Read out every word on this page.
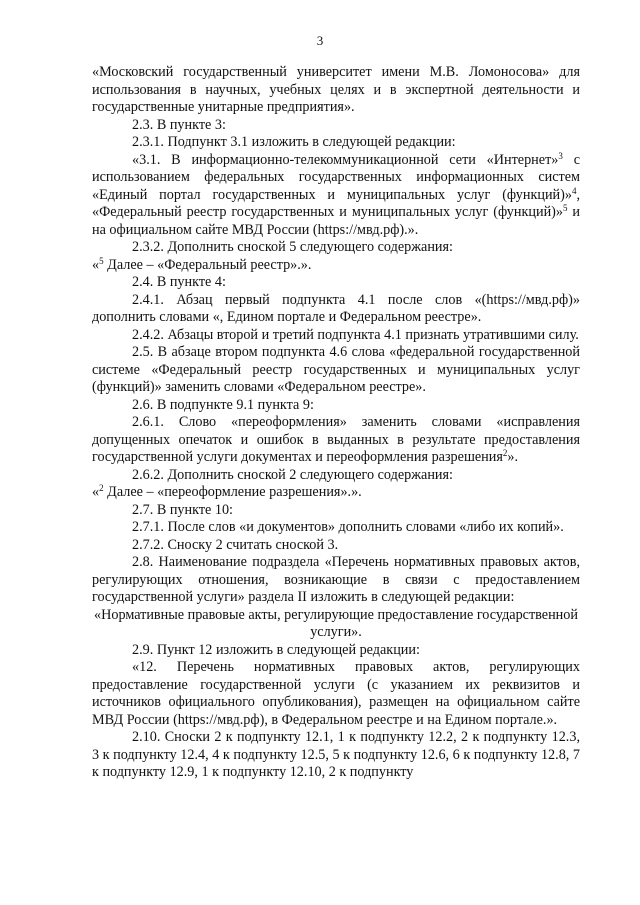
3

«Московский государственный университет имени М.В. Ломоносова» для использования в научных, учебных целях и в экспертной деятельности и государственные унитарные предприятия».

2.3. В пункте 3:

2.3.1. Подпункт 3.1 изложить в следующей редакции:

«3.1. В информационно-телекоммуникационной сети «Интернет»$^3$ с использованием федеральных государственных информационных систем «Единый портал государственных и муниципальных услуг (функций)»$^4$, «Федеральный реестр государственных и муниципальных услуг (функций)»$^5$ и на официальном сайте МВД России (https://мвд.рф).».

2.3.2. Дополнить сноской 5 следующего содержания:

«$^5$ Далее – «Федеральный реестр».».

2.4. В пункте 4:

2.4.1. Абзац первый подпункта 4.1 после слов «(https://мвд.рф)» дополнить словами «, Едином портале и Федеральном реестре».

2.4.2. Абзацы второй и третий подпункта 4.1 признать утратившими силу.

2.5. В абзаце втором подпункта 4.6 слова «федеральной государственной системе «Федеральный реестр государственных и муниципальных услуг (функций)» заменить словами «Федеральном реестре».

2.6. В подпункте 9.1 пункта 9:

2.6.1. Слово «переоформления» заменить словами «исправления допущенных опечаток и ошибок в выданных в результате предоставления государственной услуги документах и переоформления разрешения$^2$».

2.6.2. Дополнить сноской 2 следующего содержания:

«$^2$ Далее – «переоформление разрешения».».

2.7. В пункте 10:

2.7.1. После слов «и документов» дополнить словами «либо их копий».

2.7.2. Сноску 2 считать сноской 3.

2.8. Наименование подраздела «Перечень нормативных правовых актов, регулирующих отношения, возникающие в связи с предоставлением государственной услуги» раздела II изложить в следующей редакции:

«Нормативные правовые акты, регулирующие предоставление государственной услуги».

2.9. Пункт 12 изложить в следующей редакции:

«12. Перечень нормативных правовых актов, регулирующих предоставление государственной услуги (с указанием их реквизитов и источников официального опубликования), размещен на официальном сайте МВД России (https://мвд.рф), в Федеральном реестре и на Едином портале.».

2.10. Сноски 2 к подпункту 12.1, 1 к подпункту 12.2, 2 к подпункту 12.3, 3 к подпункту 12.4, 4 к подпункту 12.5, 5 к подпункту 12.6, 6 к подпункту 12.8, 7 к подпункту 12.9, 1 к подпункту 12.10, 2 к подпункту
